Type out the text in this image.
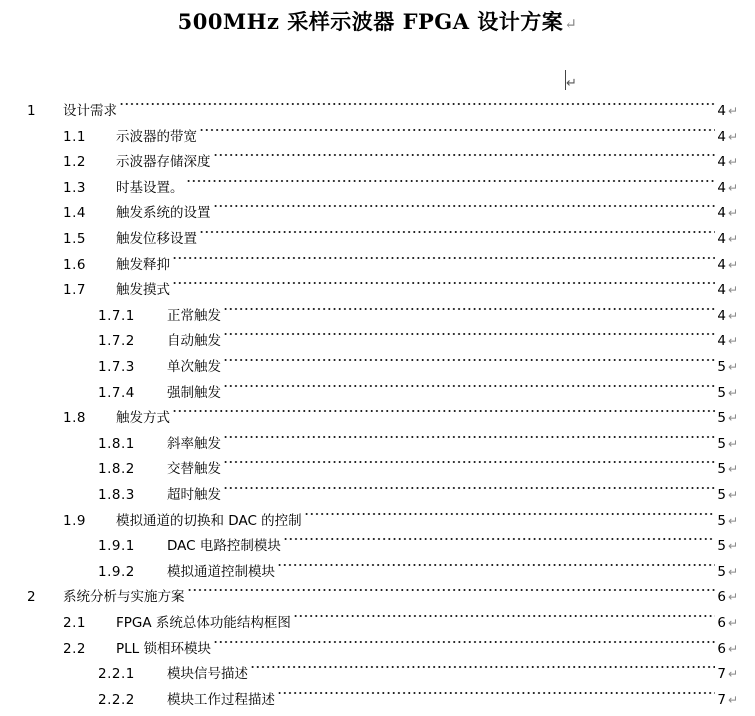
500MHz 采样示波器 FPGA 设计方案↵
↵
1 设计需求	4 ↵
1.1 示波器的带宽	4 ↵
1.2 示波器存储深度	4 ↵
1.3 时基设置。	4 ↵
1.4 触发系统的设置	4 ↵
1.5 触发位移设置	4 ↵
1.6 触发释抑	4 ↵
1.7 触发摸式	4 ↵
1.7.1 正常触发	4 ↵
1.7.2 自动触发	4 ↵
1.7.3 单次触发	5 ↵
1.7.4 强制触发	5 ↵
1.8 触发方式	5 ↵
1.8.1 斜率触发	5 ↵
1.8.2 交替触发	5 ↵
1.8.3 超时触发	5 ↵
1.9 模拟通道的切换和 DAC 的控制	5 ↵
1.9.1 DAC 电路控制模块	5 ↵
1.9.2 模拟通道控制模块	5 ↵
2 系统分析与实施方案	6 ↵
2.1 FPGA 系统总体功能结构框图	6 ↵
2.2 PLL 锁相环模块	6 ↵
2.2.1 模块信号描述	7 ↵
2.2.2 模块工作过程描述	7 ↵
